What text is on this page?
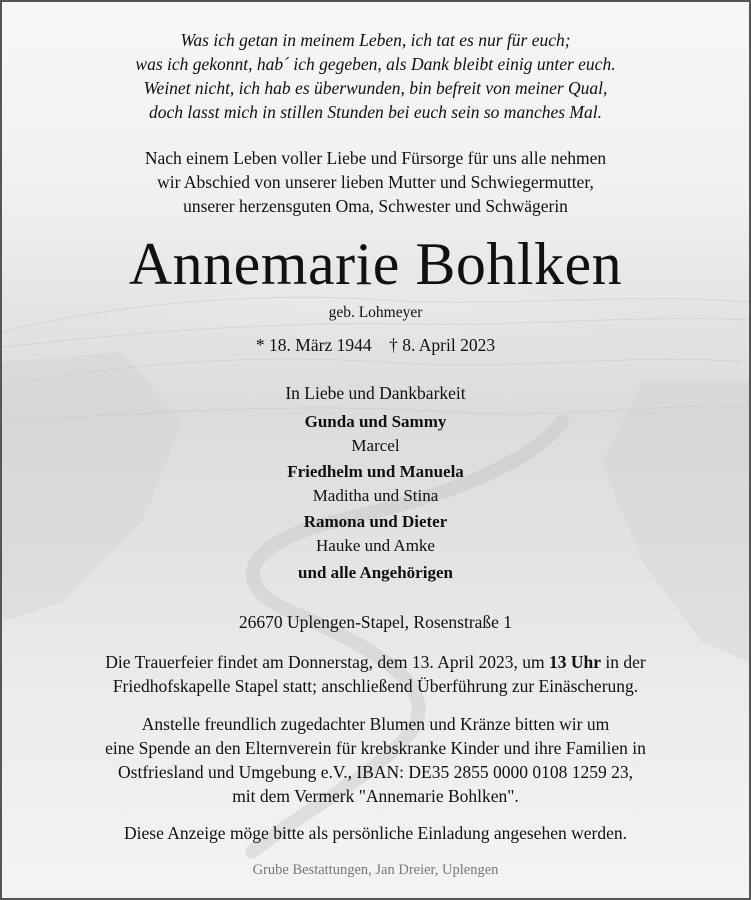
Was ich getan in meinem Leben, ich tat es nur für euch;
was ich gekonnt, hab´ ich gegeben, als Dank bleibt einig unter euch.
Weinet nicht, ich hab es überwunden, bin befreit von meiner Qual,
doch lasst mich in stillen Stunden bei euch sein so manches Mal.
Nach einem Leben voller Liebe und Fürsorge für uns alle nehmen
wir Abschied von unserer lieben Mutter und Schwiegermutter,
unserer herzensguten Oma, Schwester und Schwägerin
Annemarie Bohlken
geb. Lohmeyer
* 18. März 1944    † 8. April 2023
In Liebe und Dankbarkeit
Gunda und Sammy
Marcel
Friedhelm und Manuela
Maditha und Stina
Ramona und Dieter
Hauke und Amke
und alle Angehörigen
26670 Uplengen-Stapel, Rosenstraße 1
Die Trauerfeier findet am Donnerstag, dem 13. April 2023, um 13 Uhr in der
Friedhofskapelle Stapel statt; anschließend Überführung zur Einäscherung.
Anstelle freundlich zugedachter Blumen und Kränze bitten wir um
eine Spende an den Elternverein für krebskranke Kinder und ihre Familien in
Ostfriesland und Umgebung e.V., IBAN: DE35 2855 0000 0108 1259 23,
mit dem Vermerk "Annemarie Bohlken".
Diese Anzeige möge bitte als persönliche Einladung angesehen werden.
Grube Bestattungen, Jan Dreier, Uplengen
